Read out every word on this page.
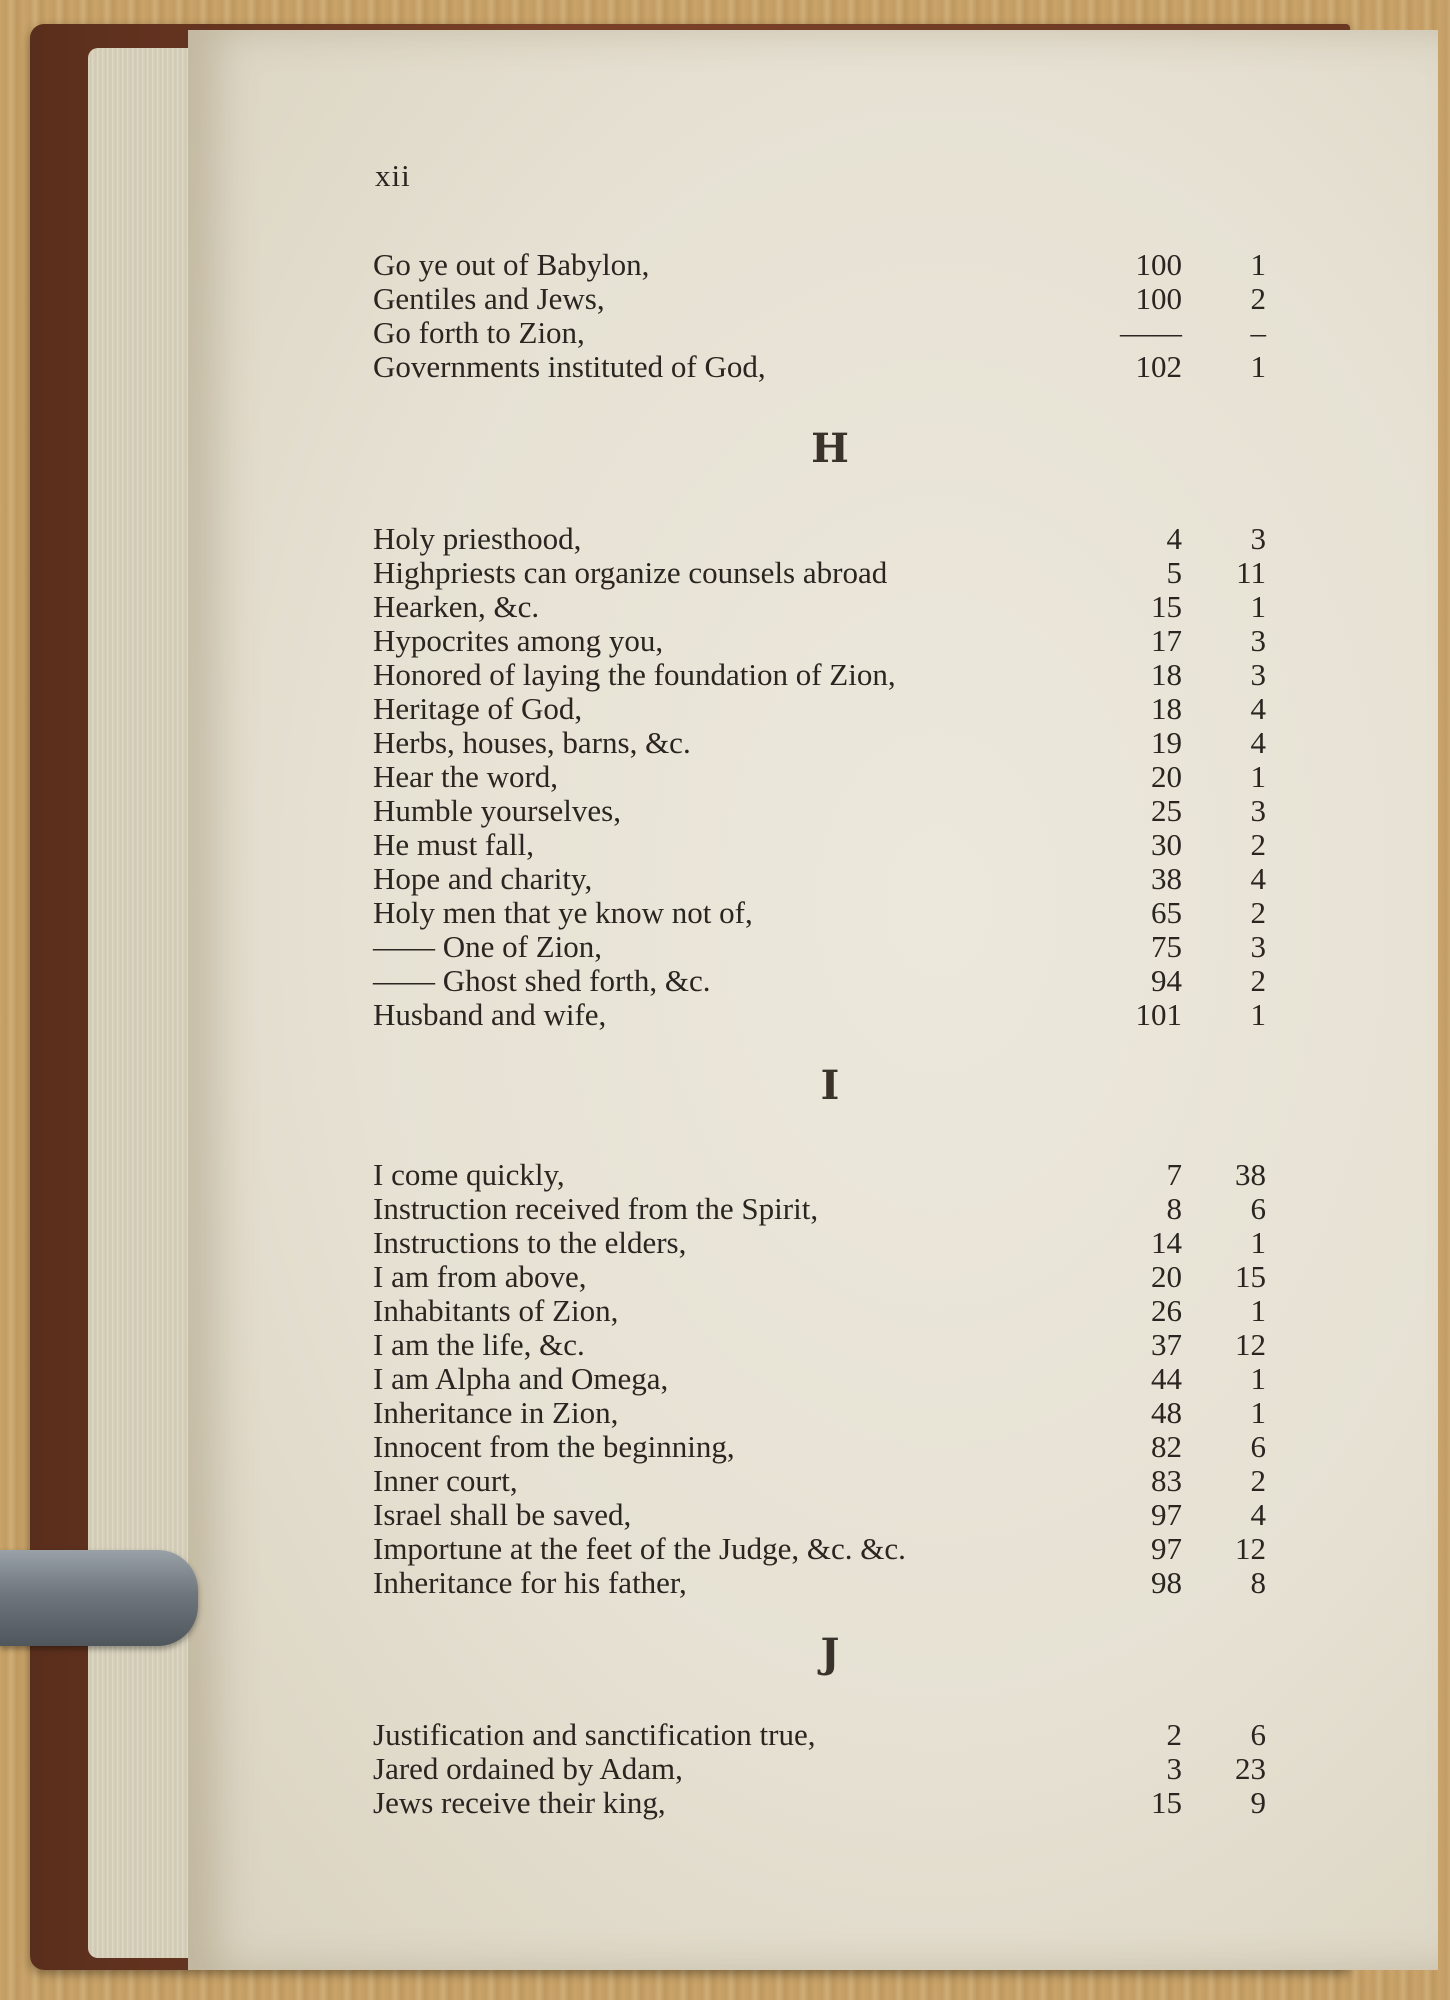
xii
Go ye out of Babylon,	100 1
Gentiles and Jews,	100 2
Go forth to Zion,	—— –
Governments instituted of God,	102 1
H
Holy priesthood,	4 3
Highpriests can organize counsels abroad	5 11
Hearken, &c.	15 1
Hypocrites among you,	17 3
Honored of laying the foundation of Zion,	18 3
Heritage of God,	18 4
Herbs, houses, barns, &c.	19 4
Hear the word,	20 1
Humble yourselves,	25 3
He must fall,	30 2
Hope and charity,	38 4
Holy men that ye know not of,	65 2
—— One of Zion,	75 3
—— Ghost shed forth, &c.	94 2
Husband and wife,	101 1
I
I come quickly,	7 38
Instruction received from the Spirit,	8 6
Instructions to the elders,	14 1
I am from above,	20 15
Inhabitants of Zion,	26 1
I am the life, &c.	37 12
I am Alpha and Omega,	44 1
Inheritance in Zion,	48 1
Innocent from the beginning,	82 6
Inner court,	83 2
Israel shall be saved,	97 4
Importune at the feet of the Judge, &c. &c.	97 12
Inheritance for his father,	98 8
J
Justification and sanctification true,	2 6
Jared ordained by Adam,	3 23
Jews receive their king,	15 9
